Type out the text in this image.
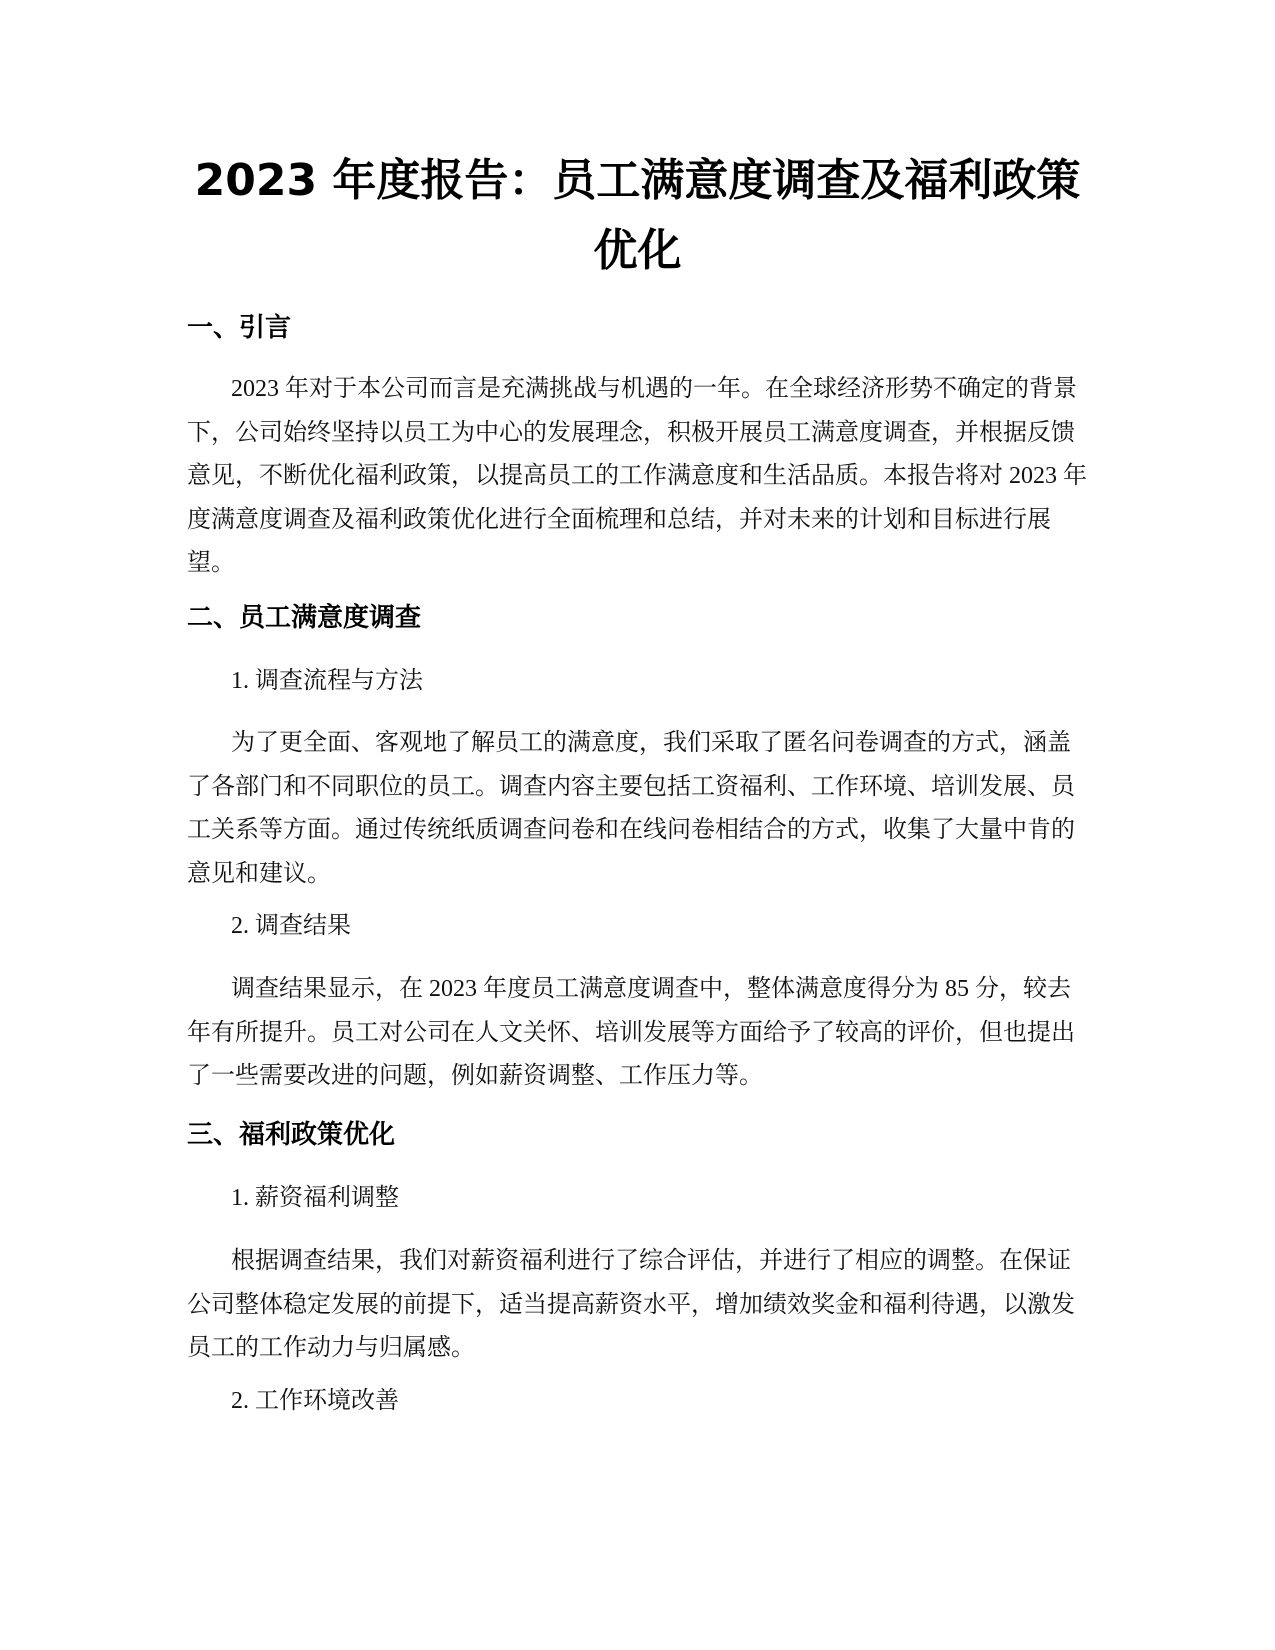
2023 年度报告：员工满意度调查及福利政策优化
一、引言

2023 年对于本公司而言是充满挑战与机遇的一年。在全球经济形势不确定的背景下，公司始终坚持以员工为中心的发展理念，积极开展员工满意度调查，并根据反馈意见，不断优化福利政策，以提高员工的工作满意度和生活品质。本报告将对 2023 年度满意度调查及福利政策优化进行全面梳理和总结，并对未来的计划和目标进行展望。

二、员工满意度调查

1. 调查流程与方法

为了更全面、客观地了解员工的满意度，我们采取了匿名问卷调查的方式，涵盖了各部门和不同职位的员工。调查内容主要包括工资福利、工作环境、培训发展、员工关系等方面。通过传统纸质调查问卷和在线问卷相结合的方式，收集了大量中肯的意见和建议。

2. 调查结果

调查结果显示，在 2023 年度员工满意度调查中，整体满意度得分为 85 分，较去年有所提升。员工对公司在人文关怀、培训发展等方面给予了较高的评价，但也提出了一些需要改进的问题，例如薪资调整、工作压力等。

三、福利政策优化

1. 薪资福利调整

根据调查结果，我们对薪资福利进行了综合评估，并进行了相应的调整。在保证公司整体稳定发展的前提下，适当提高薪资水平，增加绩效奖金和福利待遇，以激发员工的工作动力与归属感。

2. 工作环境改善
